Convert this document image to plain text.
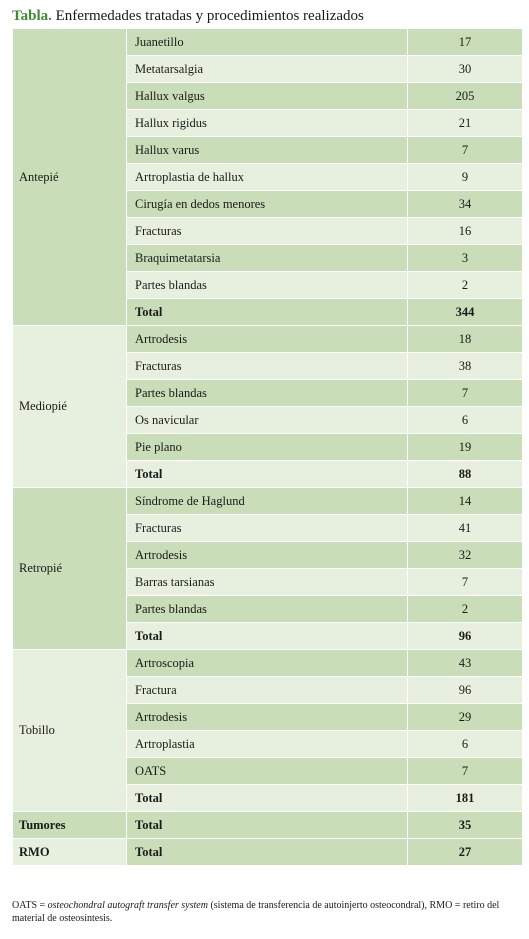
Tabla. Enfermedades tratadas y procedimientos realizados
Antepié	Juanetillo	17
	Metatarsalgia	30
	Hallux valgus	205
	Hallux rigidus	21
	Hallux varus	7
	Artroplastia de hallux	9
	Cirugía en dedos menores	34
	Fracturas	16
	Braquimetatarsia	3
	Partes blandas	2
	Total	344
Mediopié	Artrodesis	18
	Fracturas	38
	Partes blandas	7
	Os navicular	6
	Pie plano	19
	Total	88
Retropié	Síndrome de Haglund	14
	Fracturas	41
	Artrodesis	32
	Barras tarsianas	7
	Partes blandas	2
	Total	96
Tobillo	Artroscopia	43
	Fractura	96
	Artrodesis	29
	Artroplastia	6
	OATS	7
	Total	181
Tumores	Total	35
RMO	Total	27
OATS = osteochondral autograft transfer system (sistema de transferencia de autoinjerto osteocondral), RMO = retiro del material de osteosíntesis.
